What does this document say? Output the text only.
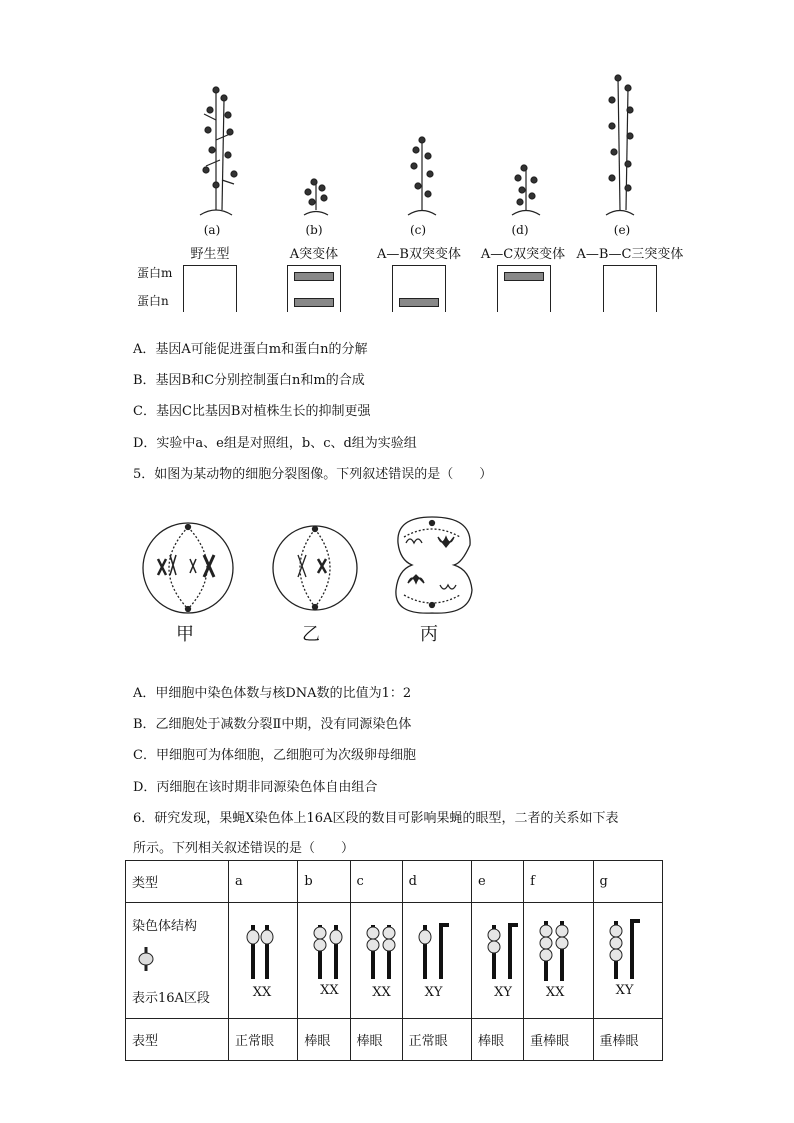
(a)	(b)	(c)	(d)	(e)
野生型	A突变体	A—B双突变体	A—C双突变体 A—B—C三突变体
蛋白m
蛋白n
A．基因A可能促进蛋白m和蛋白n的分解
B．基因B和C分别控制蛋白n和m的合成
C．基因C比基因B对植株生长的抑制更强
D．实验中a、e组是对照组，b、c、d组为实验组
5．如图为某动物的细胞分裂图像。下列叙述错误的是（　　）
甲	乙	丙
A．甲细胞中染色体数与核DNA数的比值为1：2
B．乙细胞处于减数分裂Ⅱ中期，没有同源染色体
C．甲细胞可为体细胞，乙细胞可为次级卵母细胞
D．丙细胞在该时期非同源染色体自由组合
6．研究发现，果蝇X染色体上16A区段的数目可影响果蝇的眼型，二者的关系如下表
所示。下列相关叙述错误的是（　　）
类型	a	b	c	d	e	f	g

染色体结构
表示16A区段	XX	XX	XX	XY	XY	XX	XY

表型	正常眼	棒眼	棒眼	正常眼	棒眼	重棒眼	重棒眼
